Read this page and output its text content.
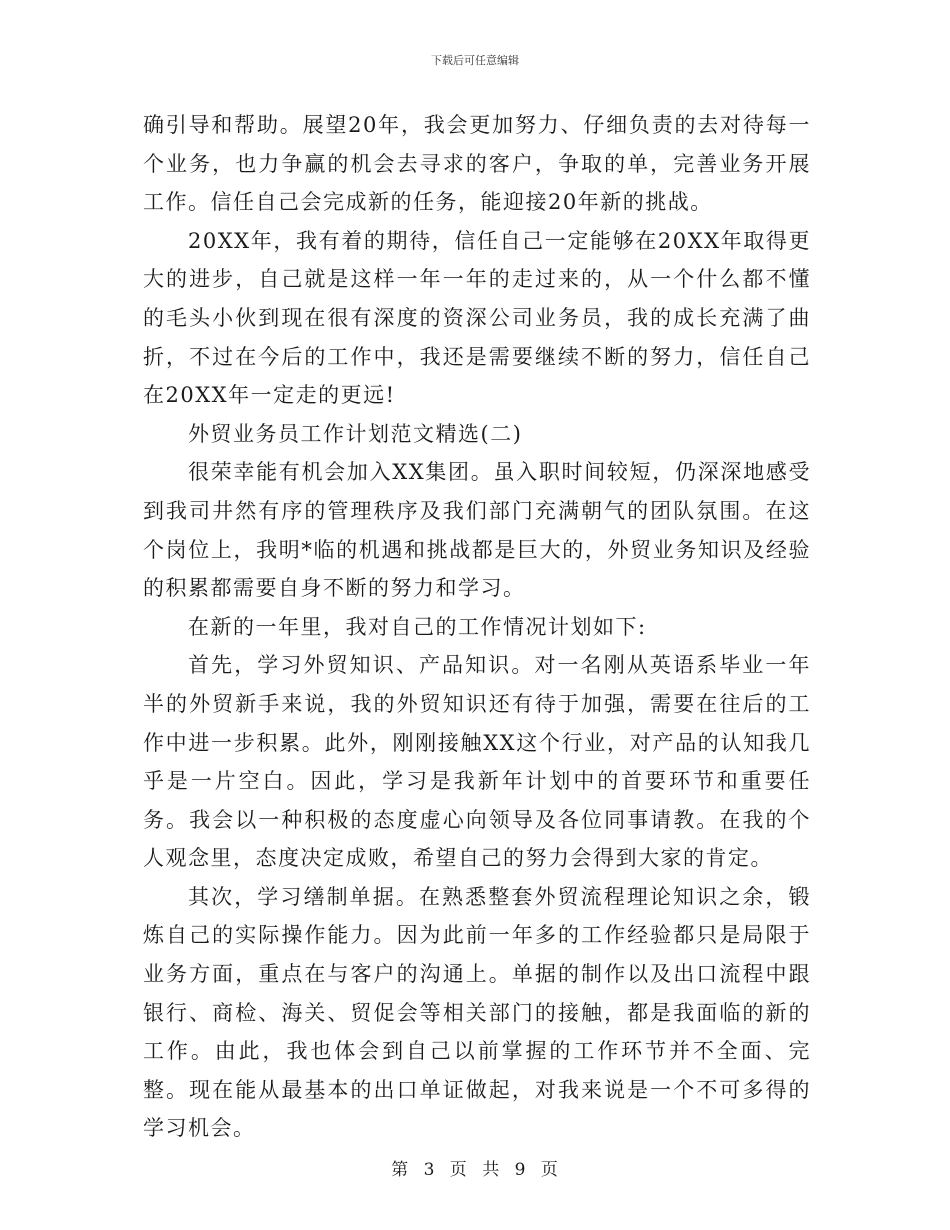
下载后可任意编辑

确引导和帮助。展望20年，我会更加努力、仔细负责的去对待每一个业务，也力争赢的机会去寻求的客户，争取的单，完善业务开展工作。信任自己会完成新的任务，能迎接20年新的挑战。

20XX年，我有着的期待，信任自己一定能够在20XX年取得更大的进步，自己就是这样一年一年的走过来的，从一个什么都不懂的毛头小伙到现在很有深度的资深公司业务员，我的成长充满了曲折，不过在今后的工作中，我还是需要继续不断的努力，信任自己在20XX年一定走的更远!

外贸业务员工作计划范文精选(二)

很荣幸能有机会加入XX集团。虽入职时间较短，仍深深地感受到我司井然有序的管理秩序及我们部门充满朝气的团队氛围。在这个岗位上，我明*临的机遇和挑战都是巨大的，外贸业务知识及经验的积累都需要自身不断的努力和学习。

在新的一年里，我对自己的工作情况计划如下:

首先，学习外贸知识、产品知识。对一名刚从英语系毕业一年半的外贸新手来说，我的外贸知识还有待于加强，需要在往后的工作中进一步积累。此外，刚刚接触XX这个行业，对产品的认知我几乎是一片空白。因此，学习是我新年计划中的首要环节和重要任务。我会以一种积极的态度虚心向领导及各位同事请教。在我的个人观念里，态度决定成败，希望自己的努力会得到大家的肯定。

其次，学习缮制单据。在熟悉整套外贸流程理论知识之余，锻炼自己的实际操作能力。因为此前一年多的工作经验都只是局限于业务方面，重点在与客户的沟通上。单据的制作以及出口流程中跟银行、商检、海关、贸促会等相关部门的接触，都是我面临的新的工作。由此，我也体会到自己以前掌握的工作环节并不全面、完整。现在能从最基本的出口单证做起，对我来说是一个不可多得的学习机会。

第 3 页 共 9 页
